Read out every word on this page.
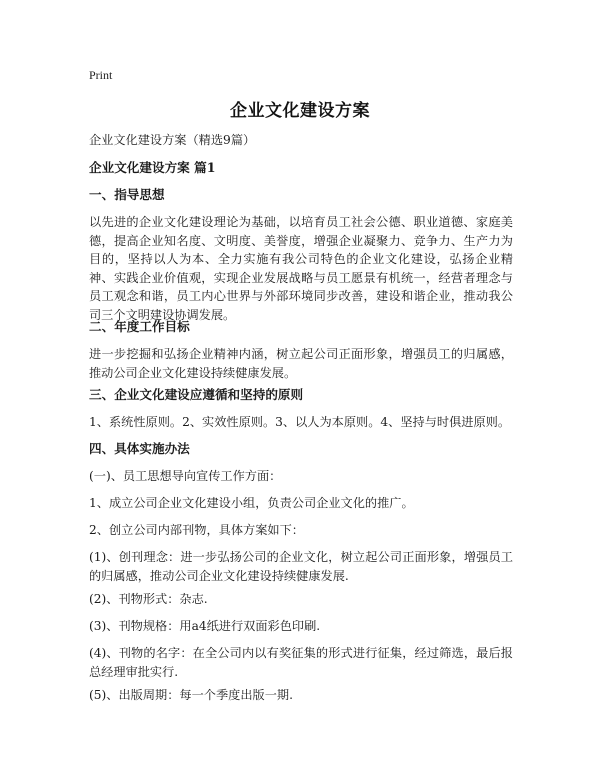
Print
企业文化建设方案
企业文化建设方案（精选9篇）
企业文化建设方案 篇1
一、指导思想
以先进的企业文化建设理论为基础，以培育员工社会公德、职业道德、家庭美德，提高企业知名度、文明度、美誉度，增强企业凝聚力、竞争力、生产力为目的，坚持以人为本、全力实施有我公司特色的企业文化建设，弘扬企业精神、实践企业价值观，实现企业发展战略与员工愿景有机统一，经营者理念与员工观念和谐，员工内心世界与外部环境同步改善，建设和谐企业，推动我公司三个文明建设协调发展。
二、年度工作目标
进一步挖掘和弘扬企业精神内涵，树立起公司正面形象，增强员工的归属感，推动公司企业文化建设持续健康发展。
三、企业文化建设应遵循和坚持的原则
1、系统性原则。2、实效性原则。3、以人为本原则。4、坚持与时俱进原则。
四、具体实施办法
(一)、员工思想导向宣传工作方面：
1、成立公司企业文化建设小组，负责公司企业文化的推广。
2、创立公司内部刊物，具体方案如下：
(1)、创刊理念：进一步弘扬公司的企业文化，树立起公司正面形象，增强员工的归属感，推动公司企业文化建设持续健康发展.
(2)、刊物形式：杂志.
(3)、刊物规格：用a4纸进行双面彩色印刷.
(4)、刊物的名字：在全公司内以有奖征集的形式进行征集，经过筛选，最后报总经理审批实行.
(5)、出版周期：每一个季度出版一期.
